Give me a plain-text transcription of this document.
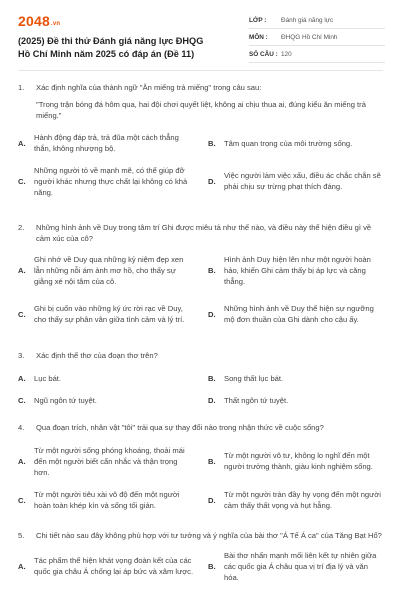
2048.vn
(2025) Đề thi thử Đánh giá năng lực ĐHQG Hồ Chí Minh năm 2025 có đáp án (Đề 11)
LỚP :	Đánh giá năng lực
MÔN :	ĐHQG Hồ Chí Minh
SỐ CÂU : 120
1.	Xác định nghĩa của thành ngữ "Ăn miếng trả miếng" trong câu sau:
"Trong trận bóng đá hôm qua, hai đội chơi quyết liệt, không ai chịu thua ai, đúng kiểu ăn miếng trả miếng."
A.
Hành động đáp trả, trả đũa một cách thẳng thắn, không nhượng bộ.
B.	Tâm quan trọng của môi trường sống.
C.
Những người tỏ về mạnh mẽ, có thể giúp đỡ người khác nhưng thực chất lại không có khả năng.
D.
Việc người làm việc xấu, điều ác chắc chắn sẽ phải chịu sự trừng phạt thích đáng.
2.	Những hình ảnh về Duy trong tâm trí Ghi được miêu tả như thế nào, và điều này thể hiện điều gì về cảm xúc của cô?
A.
Ghi nhớ về Duy qua những kỷ niệm đẹp xen lẫn những nỗi ám ảnh mơ hồ, cho thấy sự giằng xé nội tâm của cô.
B.
Hình ảnh Duy hiện lên như một người hoàn hảo, khiến Ghi cảm thấy bị áp lực và căng thẳng.
C.
Ghi bị cuốn vào những ký ức rời rạc về Duy, cho thấy sự phân vân giữa tình cảm và lý trí.
D.
Những hình ảnh về Duy thể hiện sự ngưỡng mộ đơn thuần của Ghi dành cho cậu ấy.
3.	Xác định thể thơ của đoạn thơ trên?
A.	Lục bát.	B.	Song thất lục bát.
C.	Ngũ ngôn tứ tuyệt.	D.	Thất ngôn tứ tuyệt.
4.	Qua đoạn trích, nhân vật "tôi" trải qua sự thay đổi nào trong nhận thức về cuộc sống?
A.
Từ một người sống phóng khoáng, thoải mái đến một người biết cẩn nhắc và thận trọng hơn.
B.
Từ một người vô tư, không lo nghĩ đến một người trưởng thành, giàu kinh nghiệm sống.
C.
Từ một người tiêu xài vô độ đến một người hoàn toàn khép kín và sống tối giản.
D.
Từ một người tràn đầy hy vọng đến một người cảm thấy thất vọng và hụt hẫng.
5.	Chi tiết nào sau đây không phù hợp với tư tưởng và ý nghĩa của bài thơ "Á Tế Á ca" của Tăng Bạt Hổ?
A.
Tác phẩm thể hiện khát vọng đoàn kết của các quốc gia châu Á chống lại áp bức và xâm lược.
B.
Bài thơ nhấn mạnh mối liên kết tự nhiên giữa các quốc gia Á châu qua vị trí địa lý và văn hóa.
